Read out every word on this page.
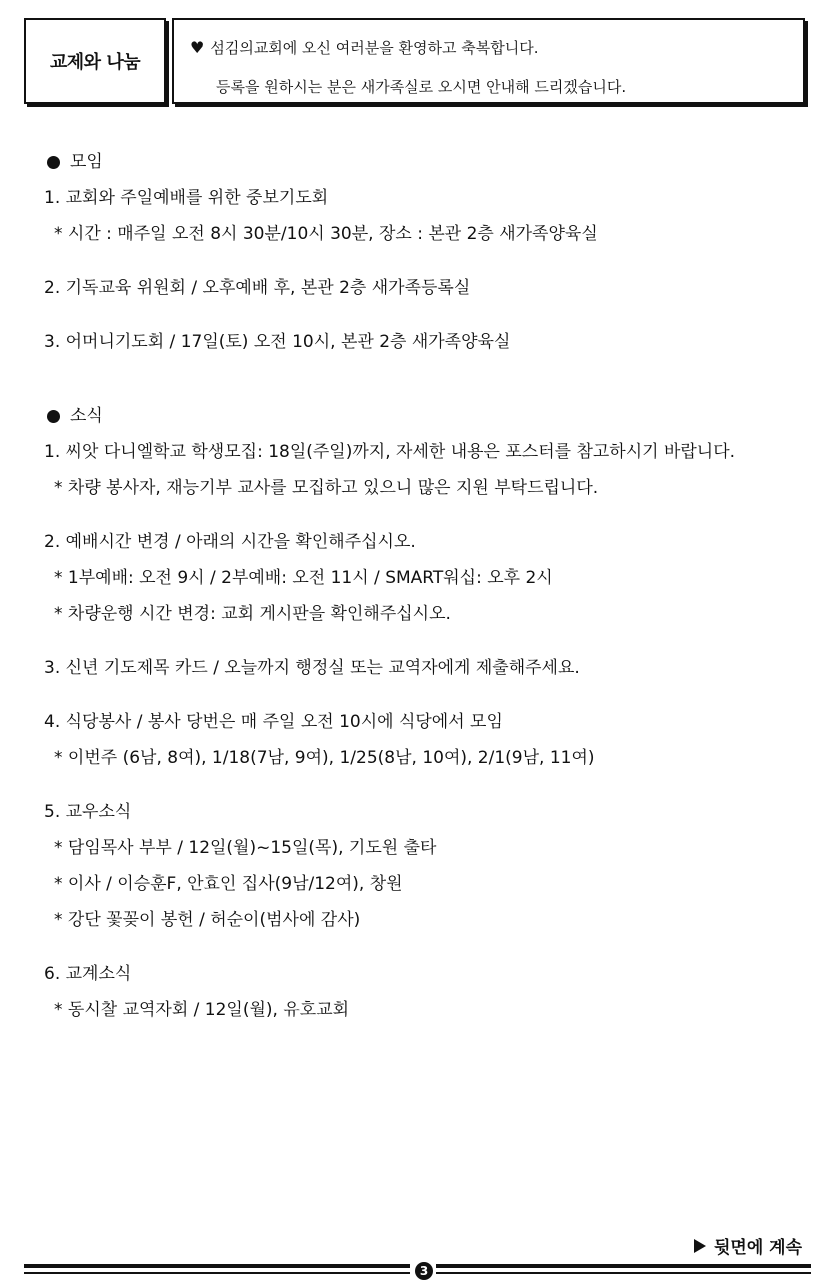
교제와 나눔
♥ 섬김의교회에 오신 여러분을 환영하고 축복합니다.
등록을 원하시는 분은 새가족실로 오시면 안내해 드리겠습니다.
모임
1. 교회와 주일예배를 위한 중보기도회
* 시간 : 매주일 오전 8시 30분/10시 30분, 장소 : 본관 2층 새가족양육실
2. 기독교육 위원회 / 오후예배 후, 본관 2층 새가족등록실
3. 어머니기도회 / 17일(토) 오전 10시, 본관 2층 새가족양육실
소식
1. 씨앗 다니엘학교 학생모집: 18일(주일)까지, 자세한 내용은 포스터를 참고하시기 바랍니다.
* 차량 봉사자, 재능기부 교사를 모집하고 있으니 많은 지원 부탁드립니다.
2. 예배시간 변경 / 아래의 시간을 확인해주십시오.
* 1부예배: 오전 9시 / 2부예배: 오전 11시 / SMART워십: 오후 2시
* 차량운행 시간 변경: 교회 게시판을 확인해주십시오.
3. 신년 기도제목 카드 / 오늘까지 행정실 또는 교역자에게 제출해주세요.
4. 식당봉사 / 봉사 당번은 매 주일 오전 10시에 식당에서 모임
* 이번주 (6남, 8여), 1/18(7남, 9여), 1/25(8남, 10여), 2/1(9남, 11여)
5. 교우소식
* 담임목사 부부 / 12일(월)~15일(목), 기도원 출타
* 이사 / 이승훈F, 안효인 집사(9남/12여), 창원
* 강단 꽃꽂이 봉헌 / 허순이(범사에 감사)
6. 교계소식
* 동시찰 교역자회 / 12일(월), 유호교회
뒷면에 계속
3
